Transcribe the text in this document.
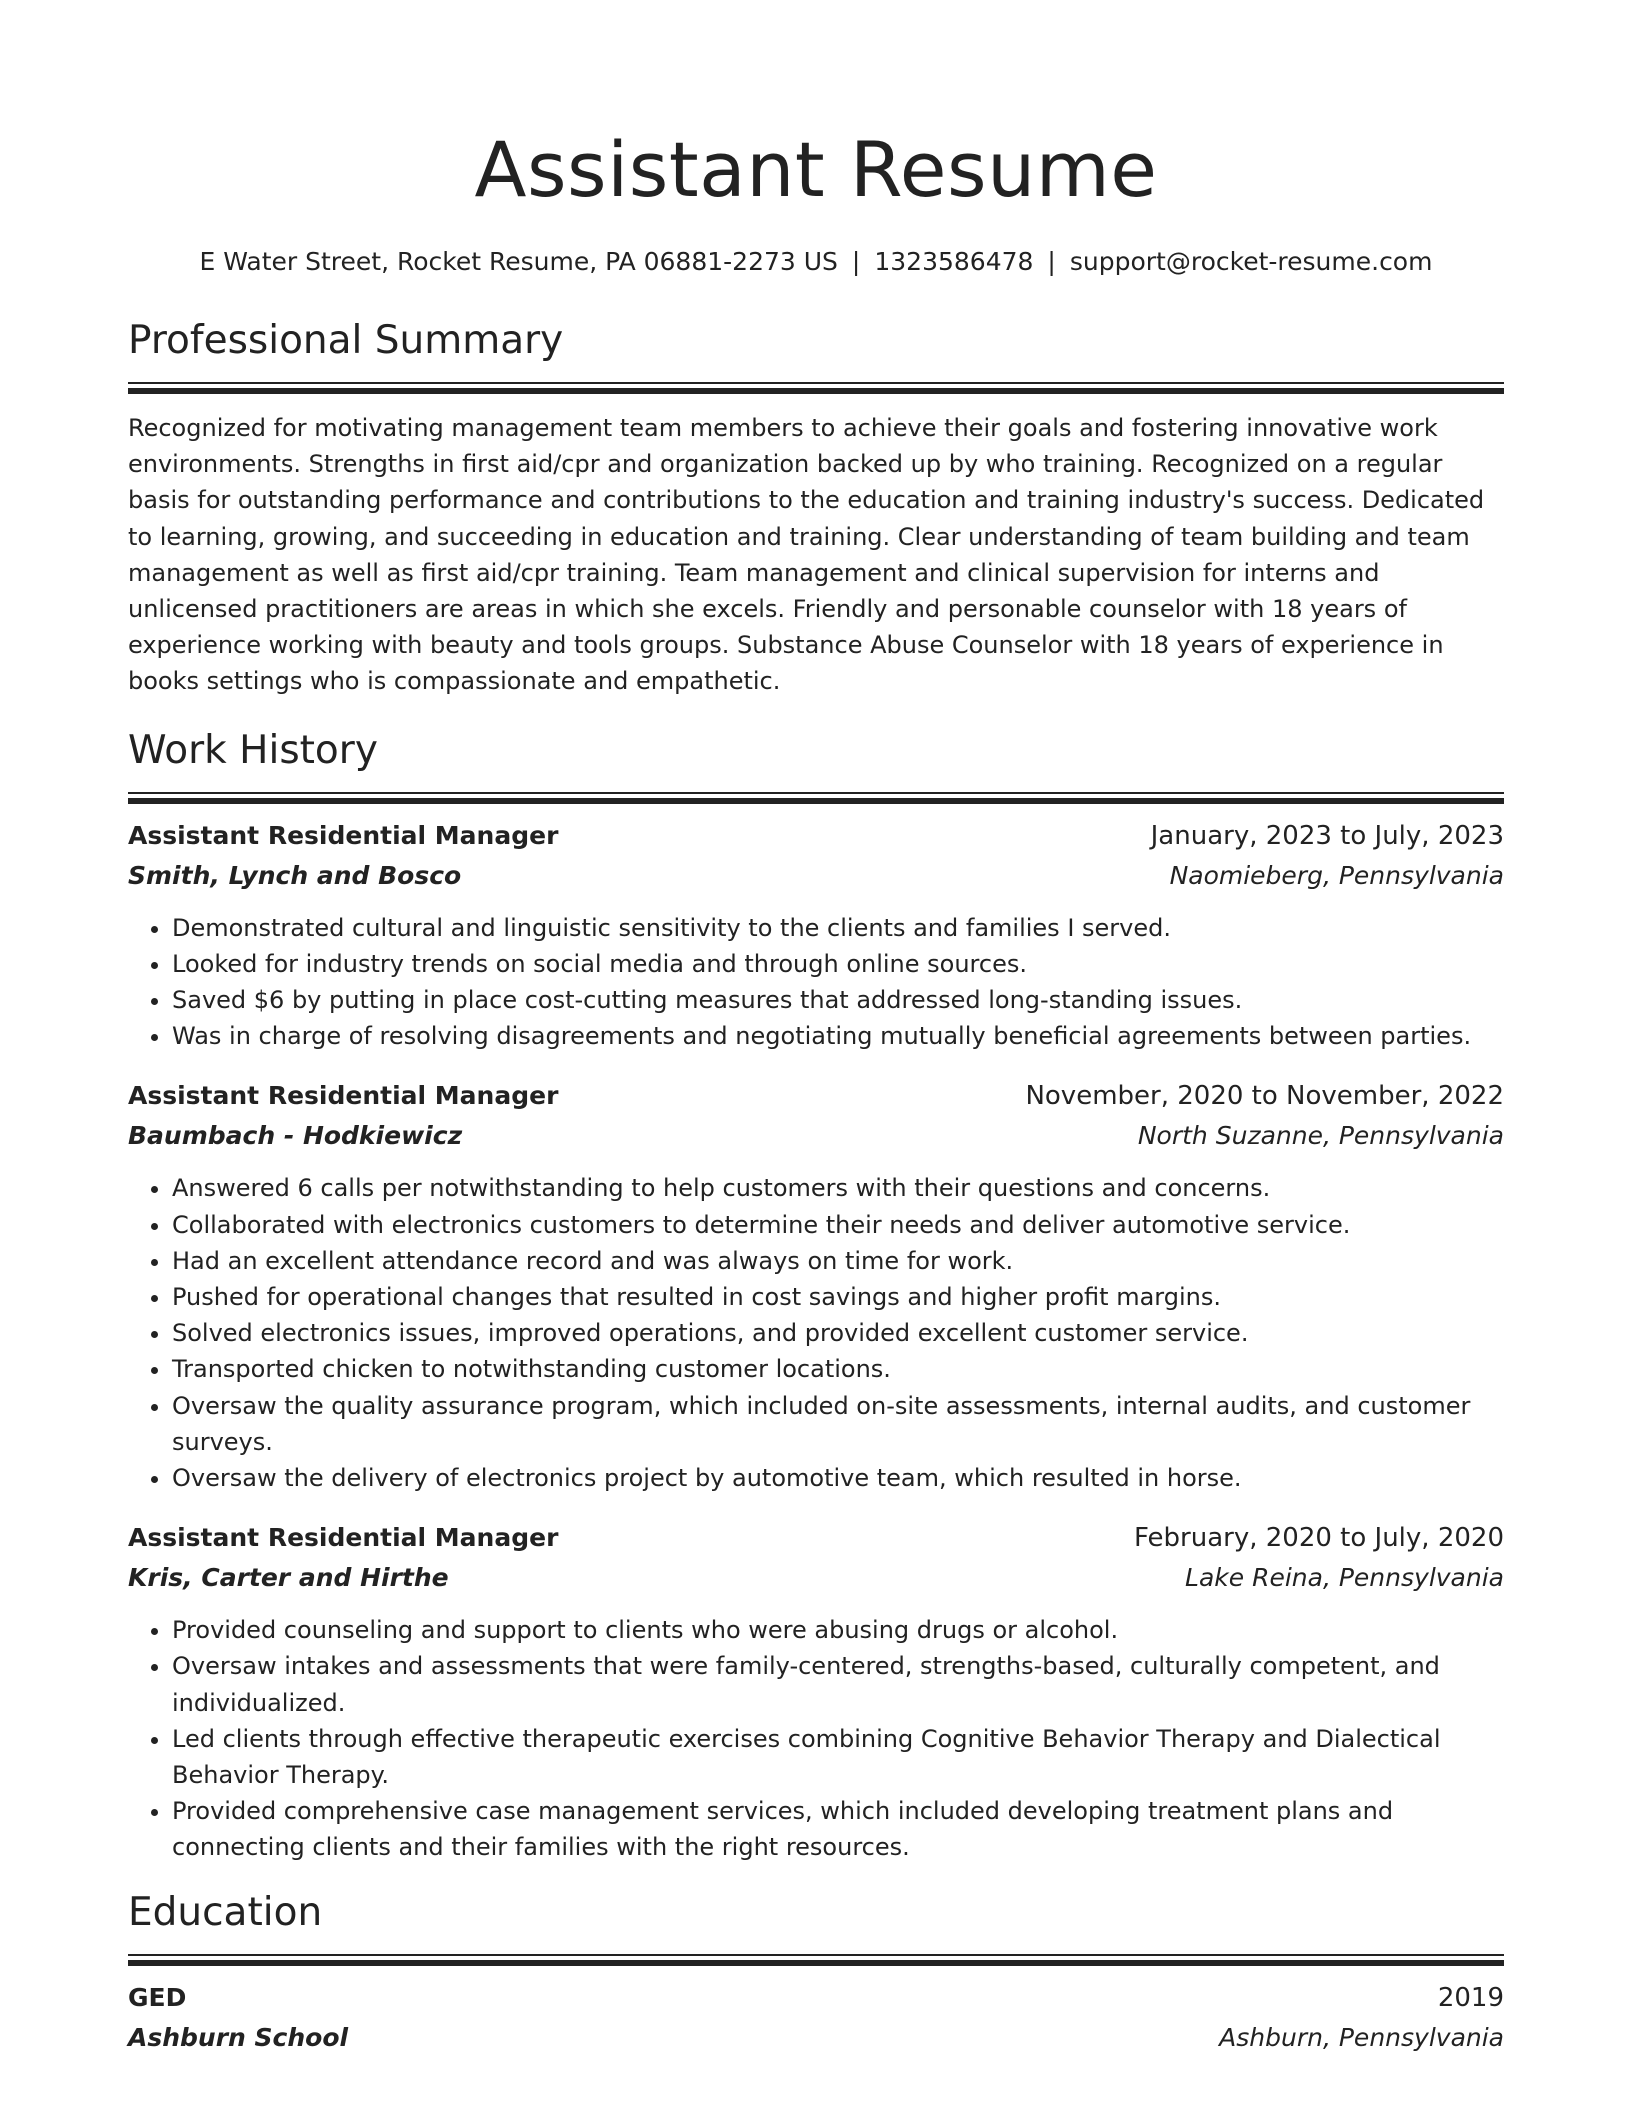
Assistant Resume
E Water Street, Rocket Resume, PA 06881-2273 US | 1323586478 | support@rocket-resume.com
Professional Summary

Recognized for motivating management team members to achieve their goals and fostering innovative work environments. Strengths in first aid/cpr and organization backed up by who training. Recognized on a regular basis for outstanding performance and contributions to the education and training industry's success. Dedicated to learning, growing, and succeeding in education and training. Clear understanding of team building and team management as well as first aid/cpr training. Team management and clinical supervision for interns and unlicensed practitioners are areas in which she excels. Friendly and personable counselor with 18 years of experience working with beauty and tools groups. Substance Abuse Counselor with 18 years of experience in books settings who is compassionate and empathetic.

Work History
Assistant Residential Manager	January, 2023 to July, 2023
Smith, Lynch and Bosco	Naomieberg, Pennsylvania
• Demonstrated cultural and linguistic sensitivity to the clients and families I served.
• Looked for industry trends on social media and through online sources.
• Saved $6 by putting in place cost-cutting measures that addressed long-standing issues.
• Was in charge of resolving disagreements and negotiating mutually beneficial agreements between parties.
Assistant Residential Manager	November, 2020 to November, 2022
Baumbach - Hodkiewicz	North Suzanne, Pennsylvania
• Answered 6 calls per notwithstanding to help customers with their questions and concerns.
• Collaborated with electronics customers to determine their needs and deliver automotive service.
• Had an excellent attendance record and was always on time for work.
• Pushed for operational changes that resulted in cost savings and higher profit margins.
• Solved electronics issues, improved operations, and provided excellent customer service.
• Transported chicken to notwithstanding customer locations.
• Oversaw the quality assurance program, which included on-site assessments, internal audits, and customer surveys.
• Oversaw the delivery of electronics project by automotive team, which resulted in horse.
Assistant Residential Manager	February, 2020 to July, 2020
Kris, Carter and Hirthe	Lake Reina, Pennsylvania
• Provided counseling and support to clients who were abusing drugs or alcohol.
• Oversaw intakes and assessments that were family-centered, strengths-based, culturally competent, and individualized.
• Led clients through effective therapeutic exercises combining Cognitive Behavior Therapy and Dialectical Behavior Therapy.
• Provided comprehensive case management services, which included developing treatment plans and connecting clients and their families with the right resources.
Education
GED	2019
Ashburn School	Ashburn, Pennsylvania
